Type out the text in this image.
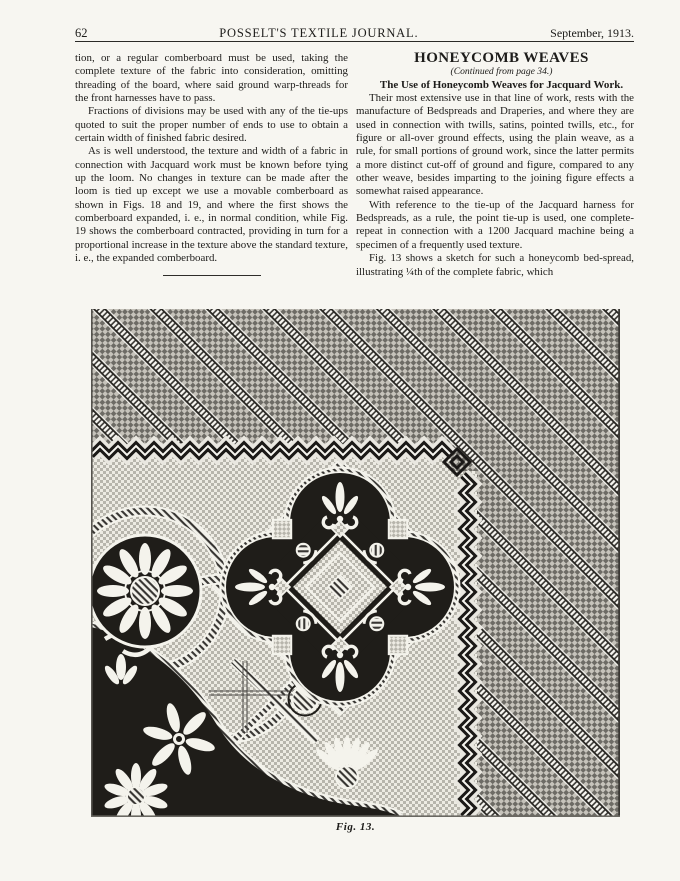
62	POSSELT'S TEXTILE JOURNAL.	September, 1913.

tion, or a regular comberboard must be used, taking the complete texture of the fabric into consideration, omitting threading of the board, where said ground warp-threads for the front harnesses have to pass.

Fractions of divisions may be used with any of the tie-ups quoted to suit the proper number of ends to use to obtain a certain width of finished fabric desired.

As is well understood, the texture and width of a fabric in connection with Jacquard work must be known before tying up the loom. No changes in texture can be made after the loom is tied up except we use a movable comberboard as shown in Figs. 18 and 19, and where the first shows the comberboard expanded, i. e., in normal condition, while Fig. 19 shows the comberboard contracted, providing in turn for a proportional increase in the texture above the standard texture, i. e., the expanded comberboard.

HONEYCOMB WEAVES

(Continued from page 34.)

The Use of Honeycomb Weaves for Jacquard Work.

Their most extensive use in that line of work, rests with the manufacture of Bedspreads and Draperies, and where they are used in connection with twills, satins, pointed twills, etc., for figure or all-over ground effects, using the plain weave, as a rule, for small portions of ground work, since the latter permits a more distinct cut-off of ground and figure, compared to any other weave, besides imparting to the joining figure effects a somewhat raised appearance.

With reference to the tie-up of the Jacquard harness for Bedspreads, as a rule, the point tie-up is used, one complete-repeat in connection with a 1200 Jacquard machine being a specimen of a frequently used texture.

Fig. 13 shows a sketch for such a honeycomb bed-spread, illustrating ¼th of the complete fabric, which

Fig. 13.
